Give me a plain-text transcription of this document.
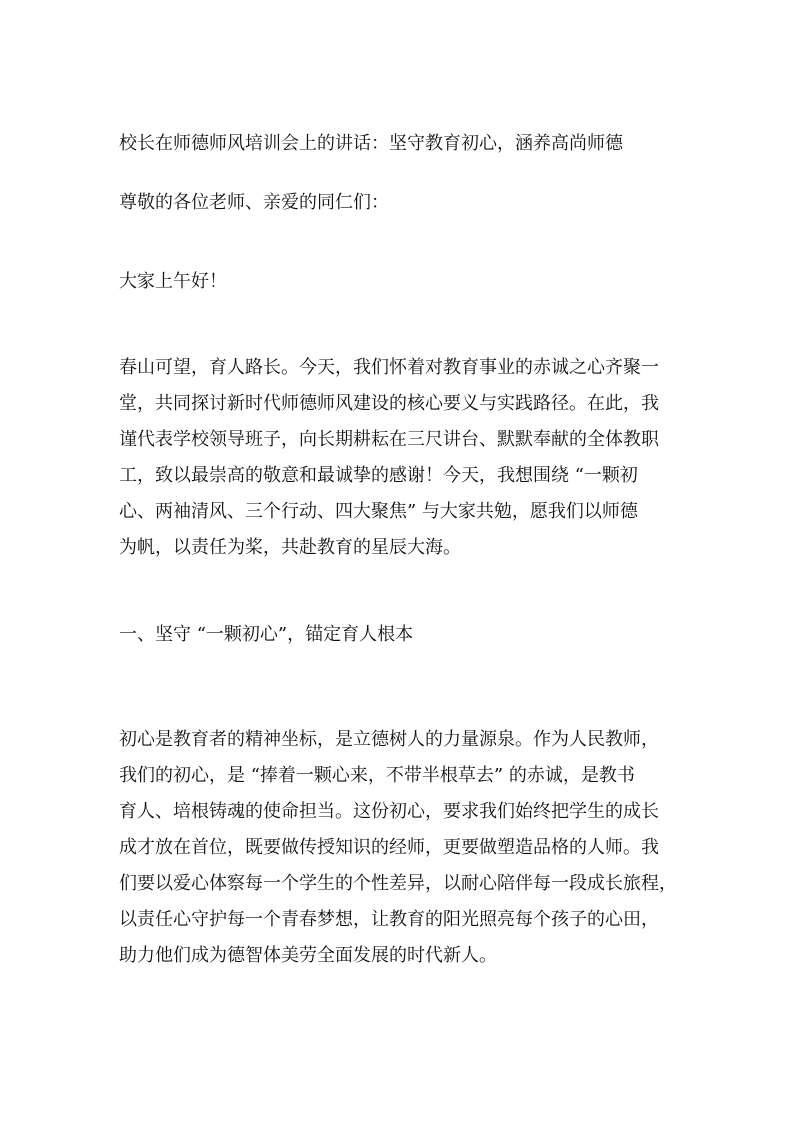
校长在师德师风培训会上的讲话：坚守教育初心，涵养高尚师德

尊敬的各位老师、亲爱的同仁们：

大家上午好！

春山可望，育人路长。今天，我们怀着对教育事业的赤诚之心齐聚一
堂，共同探讨新时代师德师风建设的核心要义与实践路径。在此，我
谨代表学校领导班子，向长期耕耘在三尺讲台、默默奉献的全体教职
工，致以最崇高的敬意和最诚挚的感谢！今天，我想围绕 “一颗初
心、两袖清风、三个行动、四大聚焦” 与大家共勉，愿我们以师德
为帆，以责任为桨，共赴教育的星辰大海。

一、坚守 “一颗初心”，锚定育人根本

初心是教育者的精神坐标，是立德树人的力量源泉。作为人民教师，
我们的初心，是 “捧着一颗心来，不带半根草去” 的赤诚，是教书
育人、培根铸魂的使命担当。这份初心，要求我们始终把学生的成长
成才放在首位，既要做传授知识的经师，更要做塑造品格的人师。我
们要以爱心体察每一个学生的个性差异，以耐心陪伴每一段成长旅程，
以责任心守护每一个青春梦想，让教育的阳光照亮每个孩子的心田，
助力他们成为德智体美劳全面发展的时代新人。
